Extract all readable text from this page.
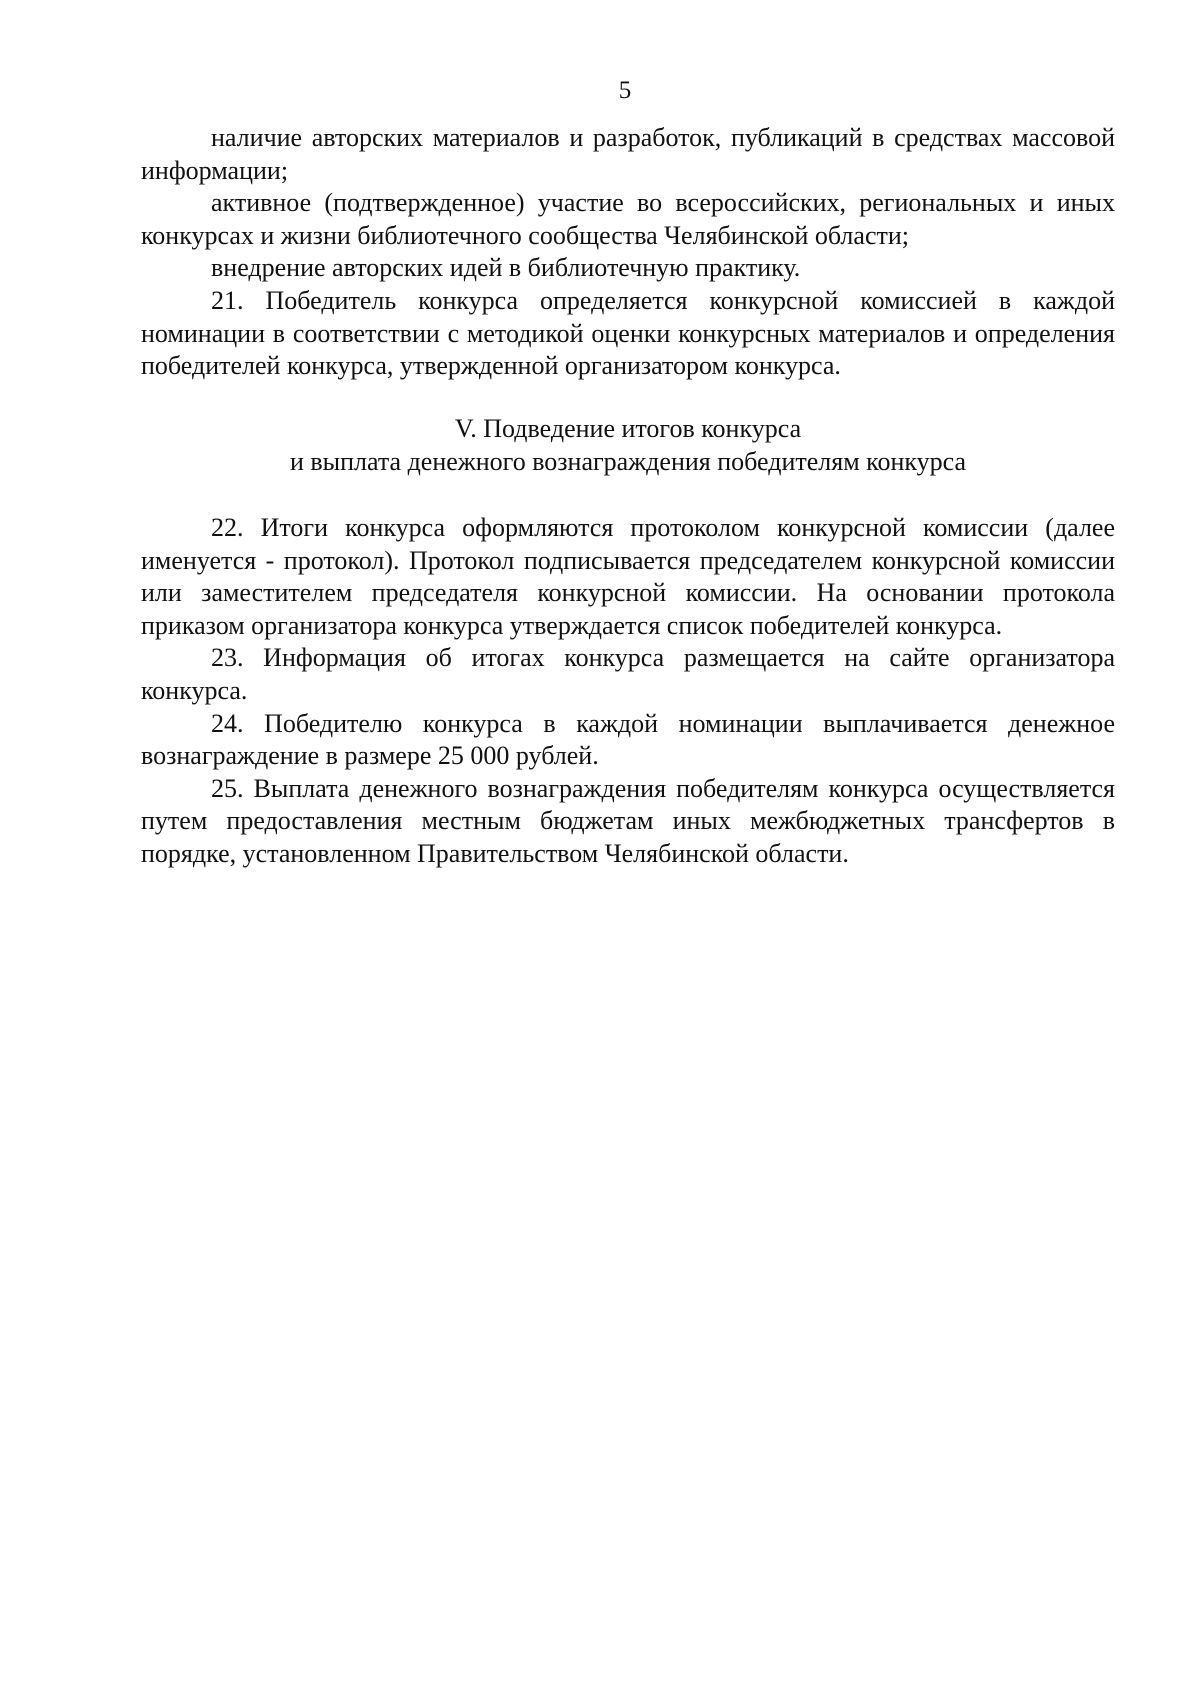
5

наличие авторских материалов и разработок, публикаций в средствах массовой информации;

активное (подтвержденное) участие во всероссийских, региональных и иных конкурсах и жизни библиотечного сообщества Челябинской области;

внедрение авторских идей в библиотечную практику.

21. Победитель конкурса определяется конкурсной комиссией в каждой номинации в соответствии с методикой оценки конкурсных материалов и определения победителей конкурса, утвержденной организатором конкурса.

V. Подведение итогов конкурса
и выплата денежного вознаграждения победителям конкурса

22. Итоги конкурса оформляются протоколом конкурсной комиссии (далее именуется - протокол). Протокол подписывается председателем конкурсной комиссии или заместителем председателя конкурсной комиссии. На основании протокола приказом организатора конкурса утверждается список победителей конкурса.

23. Информация об итогах конкурса размещается на сайте организатора конкурса.

24. Победителю конкурса в каждой номинации выплачивается денежное вознаграждение в размере 25 000 рублей.

25. Выплата денежного вознаграждения победителям конкурса осуществляется путем предоставления местным бюджетам иных межбюджетных трансфертов в порядке, установленном Правительством Челябинской области.
